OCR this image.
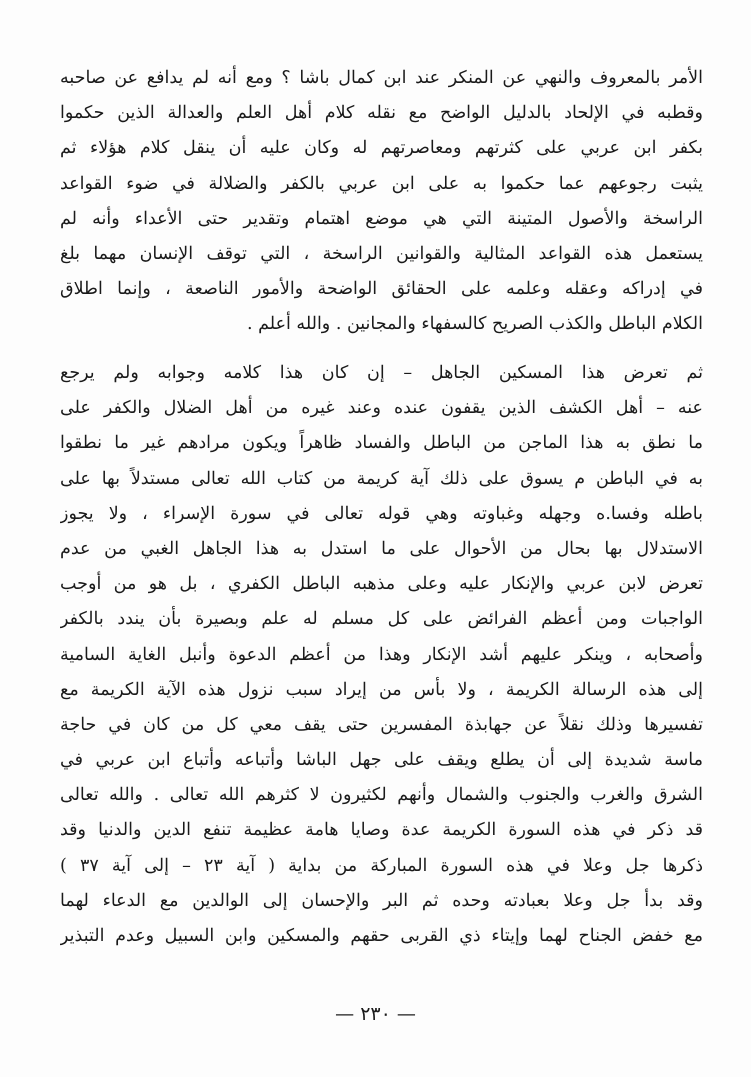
الأمر بالمعروف والنهي عن المنكر عند ابن كمال باشا ؟ ومع أنه لم يدافع عن صاحبه
وقطبه في الإلحاد بالدليل الواضح مع نقله كلام أهل العلم والعدالة الذين حكموا
بكفر ابن عربي على كثرتهم ومعاصرتهم له وكان عليه أن ينقل كلام هؤلاء ثم
يثبت رجوعهم عما حكموا به على ابن عربي بالكفر والضلالة في ضوء القواعد
الراسخة والأصول المتينة التي هي موضع اهتمام وتقدير حتى الأعداء وأنه لم
يستعمل هذه القواعد المثالية والقوانين الراسخة ، التي توقف الإنسان مهما بلغ
في إدراكه وعقله وعلمه على الحقائق الواضحة والأمور الناصعة ، وإنما اطلاق
الكلام الباطل والكذب الصريح كالسفهاء والمجانين . والله أعلم .
ثم تعرض هذا المسكين الجاهل – إن كان هذا كلامه وجوابه ولم يرجع
عنه – أهل الكشف الذين يقفون عنده وعند غيره من أهل الضلال والكفر على
ما نطق به هذا الماجن من الباطل والفساد ظاهراً ويكون مرادهم غير ما نطقوا
به في الباطن م يسوق على ذلك آية كريمة من كتاب الله تعالى مستدلاً بها على
باطله وفسا.ه وجهله وغباوته وهي قوله تعالى في سورة الإسراء ، ولا يجوز
الاستدلال بها بحال من الأحوال على ما استدل به هذا الجاهل الغبي من عدم
تعرض لابن عربي والإنكار عليه وعلى مذهبه الباطل الكفري ، بل هو من أوجب
الواجبات ومن أعظم الفرائض على كل مسلم له علم وبصيرة بأن يندد بالكفر
وأصحابه ، وينكر عليهم أشد الإنكار وهذا من أعظم الدعوة وأنبل الغاية السامية
إلى هذه الرسالة الكريمة ، ولا بأس من إيراد سبب نزول هذه الآية الكريمة مع
تفسيرها وذلك نقلاً عن جهابذة المفسرين حتى يقف معي كل من كان في حاجة
ماسة شديدة إلى أن يطلع ويقف على جهل الباشا وأتباعه وأتباع ابن عربي في
الشرق والغرب والجنوب والشمال وأنهم لكثيرون لا كثرهم الله تعالى . والله تعالى
قد ذكر في هذه السورة الكريمة عدة وصايا هامة عظيمة تنفع الدين والدنيا وقد
ذكرها جل وعلا في هذه السورة المباركة من بداية ( آية ٢٣ – إلى آية ٣٧ )
وقد بدأ جل وعلا بعبادته وحده ثم البر والإحسان إلى الوالدين مع الدعاء لهما
مع خفض الجناح لهما وإيتاء ذي القربى حقهم والمسكين وابن السبيل وعدم التبذير
— ٢٣٠ —
